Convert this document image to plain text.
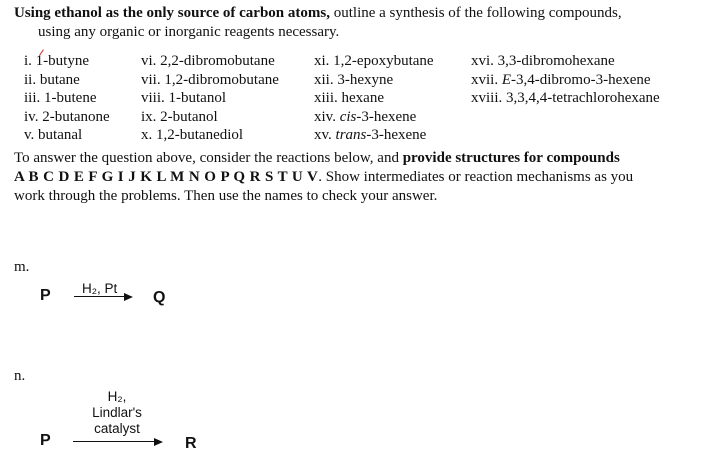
Using ethanol as the only source of carbon atoms, outline a synthesis of the following compounds,
using any organic or inorganic reagents necessary.
i. 1-butyne
ii. butane
iii. 1-butene
iv. 2-butanone
v. butanal
vi. 2,2-dibromobutane
vii. 1,2-dibromobutane
viii. 1-butanol
ix. 2-butanol
x. 1,2-butanediol
xi. 1,2-epoxybutane
xii. 3-hexyne
xiii. hexane
xiv. cis-3-hexene
xv. trans-3-hexene
xvi. 3,3-dibromohexane
xvii. E-3,4-dibromo-3-hexene
xviii. 3,3,4,4-tetrachlorohexane
To answer the question above, consider the reactions below, and provide structures for compounds
A B C D E F G I J K L M N O P Q R S T U V. Show intermediates or reaction mechanisms as you
work through the problems. Then use the names to check your answer.
m.
P H₂, Pt
→ Q
n.
H₂,
Lindlar's
catalyst
P	R
